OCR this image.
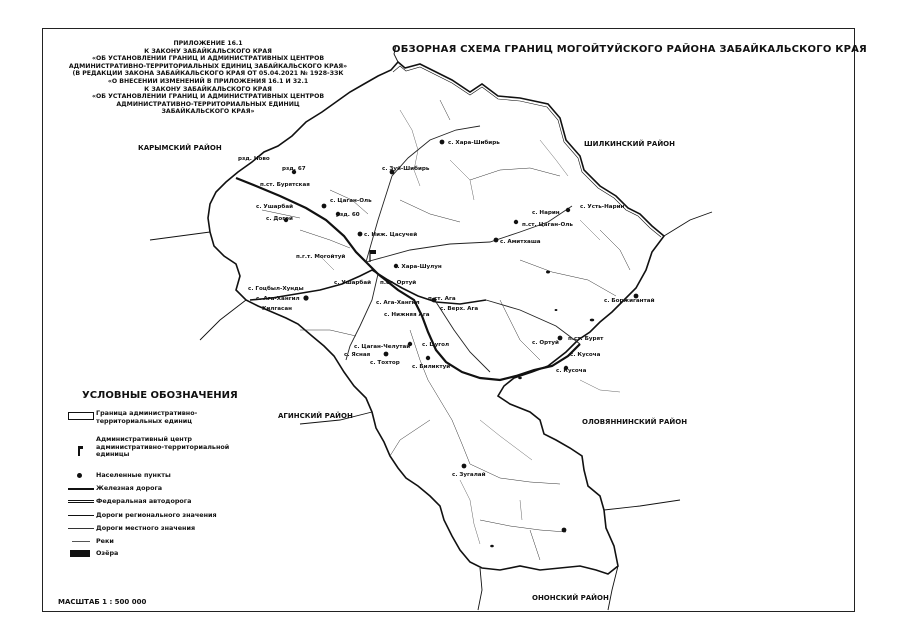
ПРИЛОЖЕНИЕ 16.1
К ЗАКОНУ ЗАБАЙКАЛЬСКОГО КРАЯ
«ОБ УСТАНОВЛЕНИИ ГРАНИЦ И АДМИНИСТРАТИВНЫХ ЦЕНТРОВ
АДМИНИСТРАТИВНО-ТЕРРИТОРИАЛЬНЫХ ЕДИНИЦ ЗАБАЙКАЛЬСКОГО КРАЯ»
(В РЕДАКЦИИ ЗАКОНА ЗАБАЙКАЛЬСКОГО КРАЯ ОТ 05.04.2021 № 1928-ЗЗК
«О ВНЕСЕНИИ ИЗМЕНЕНИЙ В ПРИЛОЖЕНИЯ 16.1 И 32.1
К ЗАКОНУ ЗАБАЙКАЛЬСКОГО КРАЯ
«ОБ УСТАНОВЛЕНИИ ГРАНИЦ И АДМИНИСТРАТИВНЫХ ЦЕНТРОВ
АДМИНИСТРАТИВНО-ТЕРРИТОРИАЛЬНЫХ ЕДИНИЦ
ЗАБАЙКАЛЬСКОГО КРАЯ»
ОБЗОРНАЯ СХЕМА ГРАНИЦ МОГОЙТУЙСКОГО РАЙОНА ЗАБАЙКАЛЬСКОГО КРАЯ
КАРЫМСКИЙ РАЙОН	ШИЛКИНСКИЙ РАЙОН
АГИНСКИЙ РАЙОН
ОЛОВЯННИНСКИЙ РАЙОН
ОНОНСКИЙ РАЙОН
с. Хара-Шибирь
с. Зуй-Шибирь
рзд. Ново
рзд. 67
п.ст. Бурятская
с. Цаган-Оль
рзд. 60
с. Ушарбай
с. Догой
с. Нарин
с. Усть-Нарин
п.ст. Цаган-Оль
с. Ниж. Цасучей
с. Амитхаша
п.г.т. Могойтуй
с. Хара-Шулун
с. Ушарбай п.ст. Ортуй
с. Гоцбыл-Хунды
с. Ага-Хангил
Хилгасан
с. Ага-Хангил
п.ст. Ага
с. Верх. Ага
с. Нижняя Ага
с. Боржигантай
с. Цаган-Челутай
с. Ясная
с. Тохтор
с. Биликтуй
с. Цугол	с. Ортуй
п.ст. Бурят
с. Кусоча
с. Кусоча
с. Зугалай
УСЛОВНЫЕ ОБОЗНАЧЕНИЯ
Граница административно-территориальных единиц
Административный центр административно-территориальной единицы
Населенные пункты
Железная дорога
Федеральная автодорога
Дороги регионального значения
Дороги местного значения
Реки
Озёра
МАСШТАБ 1 : 500 000
